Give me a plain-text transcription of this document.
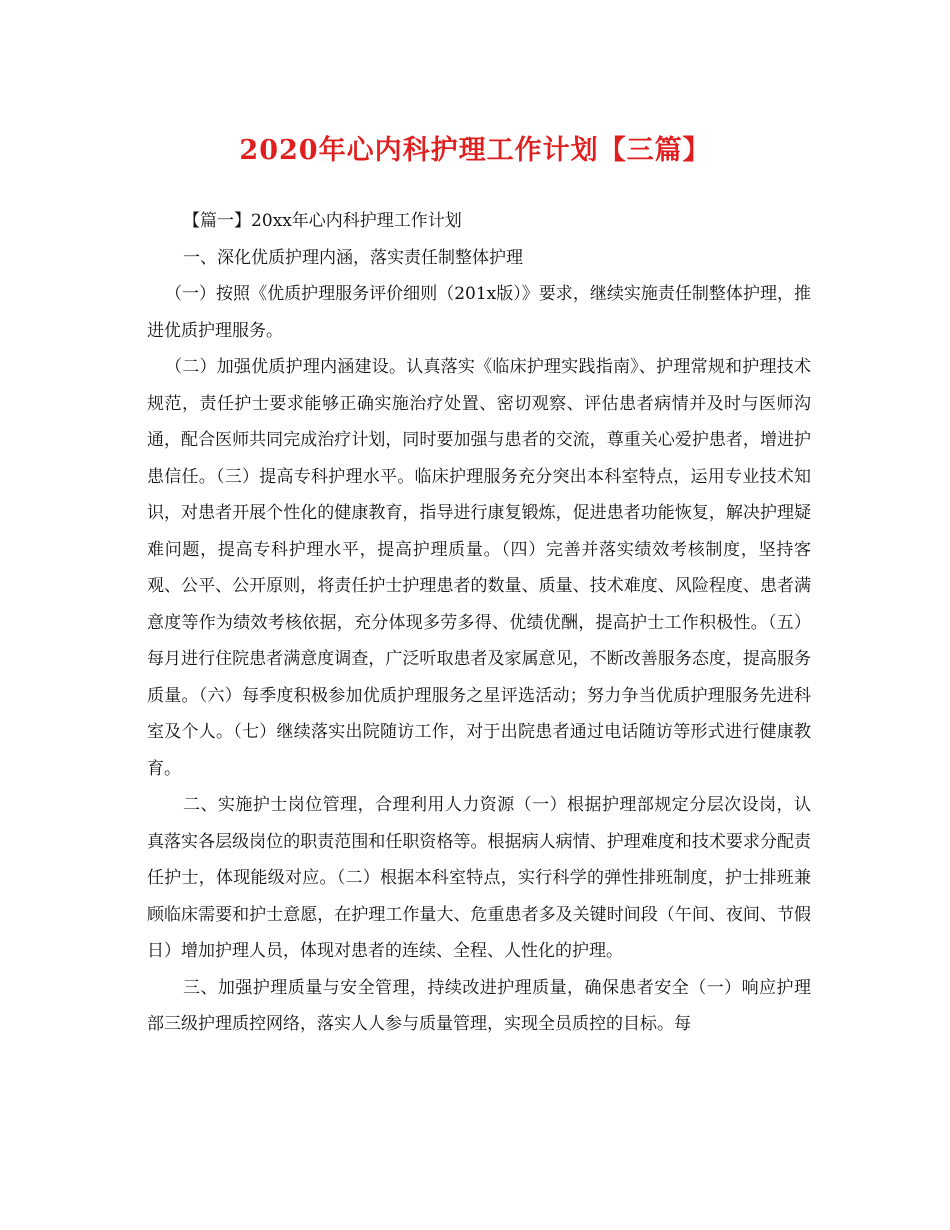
2020年心内科护理工作计划【三篇】

【篇一】20xx年心内科护理工作计划

一、深化优质护理内涵，落实责任制整体护理

（一）按照《优质护理服务评价细则（201x版）》要求，继续实施责任制整体护理，推进优质护理服务。

（二）加强优质护理内涵建设。认真落实《临床护理实践指南》、护理常规和护理技术规范，责任护士要求能够正确实施治疗处置、密切观察、评估患者病情并及时与医师沟通，配合医师共同完成治疗计划，同时要加强与患者的交流，尊重关心爱护患者，增进护患信任。（三）提高专科护理水平。临床护理服务充分突出本科室特点，运用专业技术知识，对患者开展个性化的健康教育，指导进行康复锻炼，促进患者功能恢复，解决护理疑难问题，提高专科护理水平，提高护理质量。（四）完善并落实绩效考核制度，坚持客观、公平、公开原则，将责任护士护理患者的数量、质量、技术难度、风险程度、患者满意度等作为绩效考核依据，充分体现多劳多得、优绩优酬，提高护士工作积极性。（五）每月进行住院患者满意度调查，广泛听取患者及家属意见，不断改善服务态度，提高服务质量。（六）每季度积极参加优质护理服务之星评选活动；努力争当优质护理服务先进科室及个人。（七）继续落实出院随访工作，对于出院患者通过电话随访等形式进行健康教育。

二、实施护士岗位管理，合理利用人力资源（一）根据护理部规定分层次设岗，认真落实各层级岗位的职责范围和任职资格等。根据病人病情、护理难度和技术要求分配责任护士，体现能级对应。（二）根据本科室特点，实行科学的弹性排班制度，护士排班兼顾临床需要和护士意愿，在护理工作量大、危重患者多及关键时间段（午间、夜间、节假日）增加护理人员，体现对患者的连续、全程、人性化的护理。

三、加强护理质量与安全管理，持续改进护理质量，确保患者安全（一）响应护理部三级护理质控网络，落实人人参与质量管理，实现全员质控的目标。每
